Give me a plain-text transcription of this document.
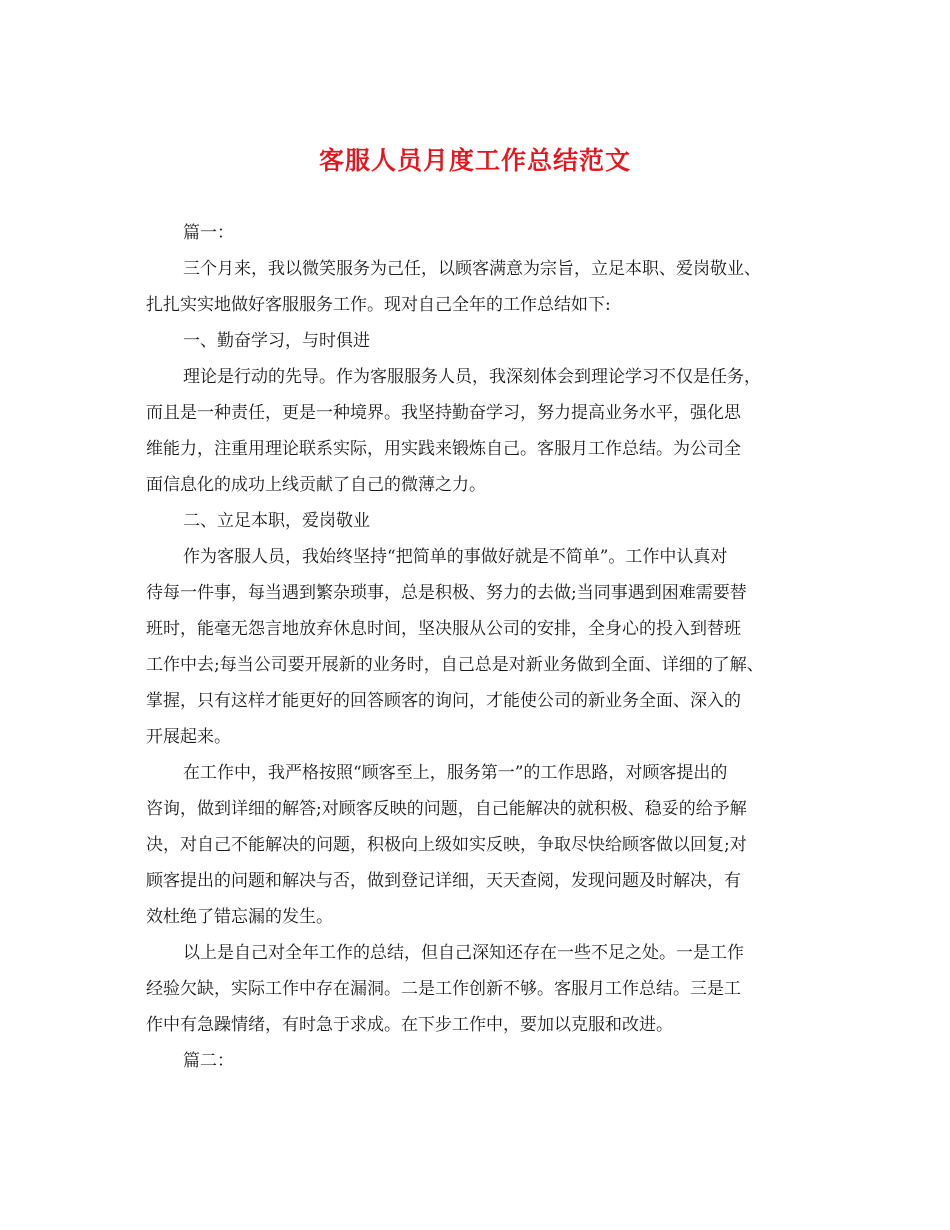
客服人员月度工作总结范文
篇一：
三个月来，我以微笑服务为己任，以顾客满意为宗旨，立足本职、爱岗敬业、
扎扎实实地做好客服服务工作。现对自己全年的工作总结如下:
一、勤奋学习，与时俱进
理论是行动的先导。作为客服服务人员，我深刻体会到理论学习不仅是任务，
而且是一种责任，更是一种境界。我坚持勤奋学习，努力提高业务水平，强化思
维能力，注重用理论联系实际，用实践来锻炼自己。客服月工作总结。为公司全
面信息化的成功上线贡献了自己的微薄之力。
二、立足本职，爱岗敬业
作为客服人员，我始终坚持“把简单的事做好就是不简单”。工作中认真对
待每一件事，每当遇到繁杂琐事，总是积极、努力的去做;当同事遇到困难需要替
班时，能毫无怨言地放弃休息时间，坚决服从公司的安排，全身心的投入到替班
工作中去;每当公司要开展新的业务时，自己总是对新业务做到全面、详细的了解、
掌握，只有这样才能更好的回答顾客的询问，才能使公司的新业务全面、深入的
开展起来。
在工作中，我严格按照“顾客至上，服务第一”的工作思路，对顾客提出的
咨询，做到详细的解答;对顾客反映的问题，自己能解决的就积极、稳妥的给予解
决，对自己不能解决的问题，积极向上级如实反映，争取尽快给顾客做以回复;对
顾客提出的问题和解决与否，做到登记详细，天天查阅，发现问题及时解决，有
效杜绝了错忘漏的发生。
以上是自己对全年工作的总结，但自己深知还存在一些不足之处。一是工作
经验欠缺，实际工作中存在漏洞。二是工作创新不够。客服月工作总结。三是工
作中有急躁情绪，有时急于求成。在下步工作中，要加以克服和改进。
篇二：
